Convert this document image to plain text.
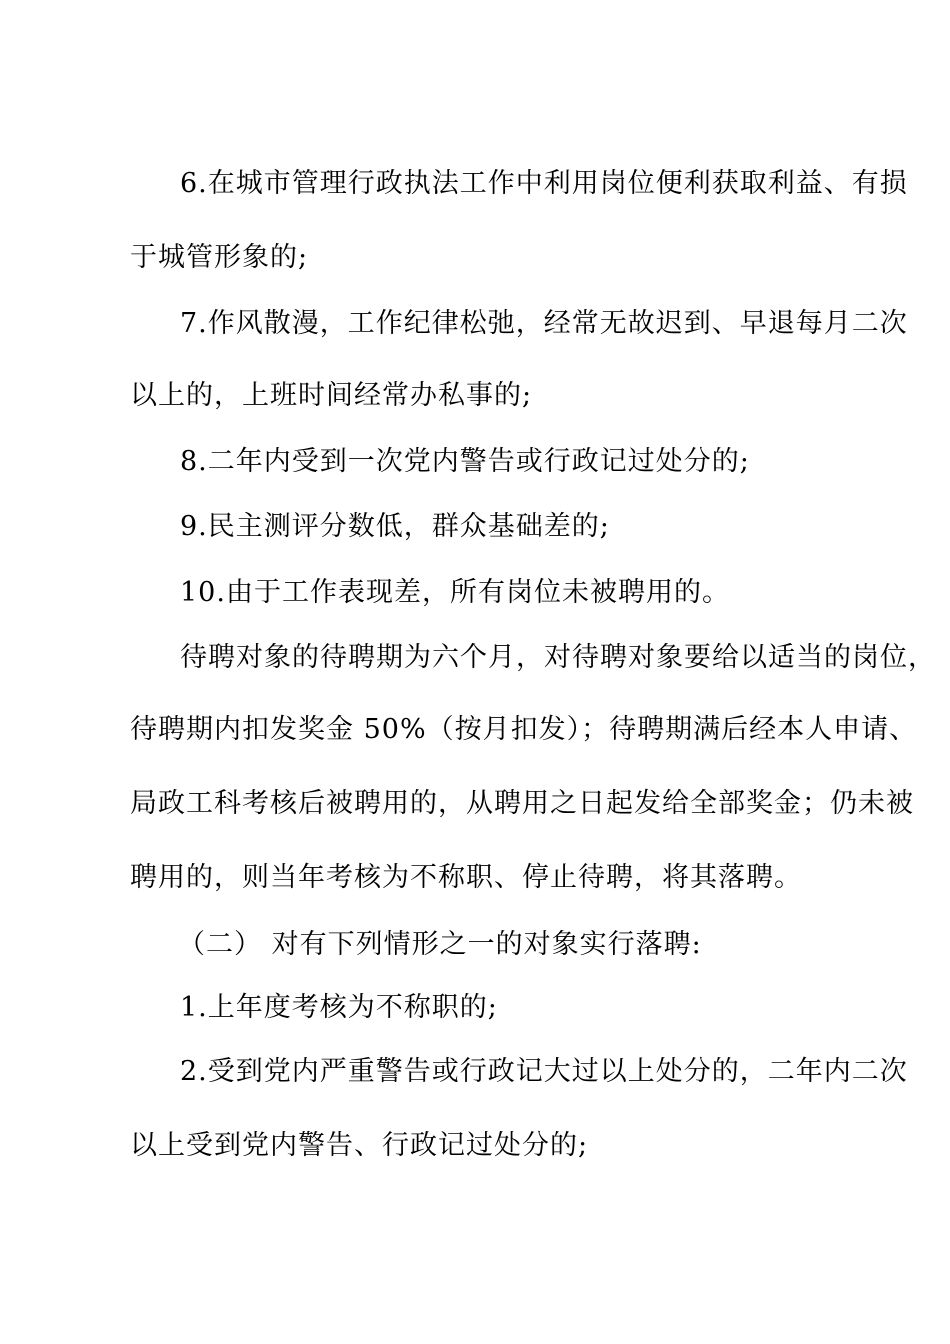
6.在城市管理行政执法工作中利用岗位便利获取利益、有损
于城管形象的;
7.作风散漫，工作纪律松弛，经常无故迟到、早退每月二次
以上的，上班时间经常办私事的;
8.二年内受到一次党内警告或行政记过处分的;
9.民主测评分数低，群众基础差的;
10.由于工作表现差，所有岗位未被聘用的。
待聘对象的待聘期为六个月，对待聘对象要给以适当的岗位，
待聘期内扣发奖金 50%（按月扣发）；待聘期满后经本人申请、
局政工科考核后被聘用的，从聘用之日起发给全部奖金；仍未被
聘用的，则当年考核为不称职、停止待聘，将其落聘。
（二） 对有下列情形之一的对象实行落聘:
1.上年度考核为不称职的;
2.受到党内严重警告或行政记大过以上处分的，二年内二次
以上受到党内警告、行政记过处分的;
